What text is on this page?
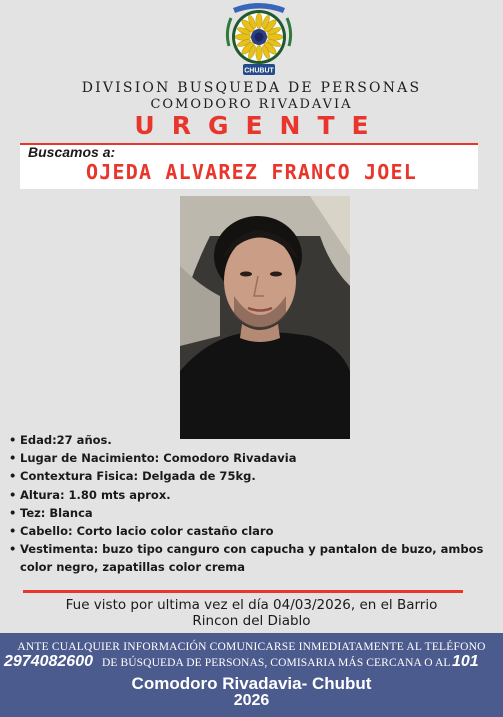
CHUBUT
DIVISION BUSQUEDA DE PERSONAS
COMODORO RIVADAVIA
URGENTE
Buscamos a:
OJEDA ALVAREZ FRANCO JOEL
• Edad:27 años.
• Lugar de Nacimiento: Comodoro Rivadavia
• Contextura Fisica: Delgada de 75kg.
• Altura: 1.80 mts aprox.
• Tez: Blanca
• Cabello: Corto lacio color castaño claro
• Vestimenta: buzo tipo canguro con capucha y pantalon de buzo, ambos color negro, zapatillas color crema
Fue visto por ultima vez el día 04/03/2026, en el Barrio
Rincon del Diablo
ANTE CUALQUIER INFORMACIÓN COMUNICARSE INMEDIATAMENTE AL TELÉFONO
2974082600 DE BÚSQUEDA DE PERSONAS, COMISARIA MÁS CERCANA O AL 101
Comodoro Rivadavia- Chubut
2026
